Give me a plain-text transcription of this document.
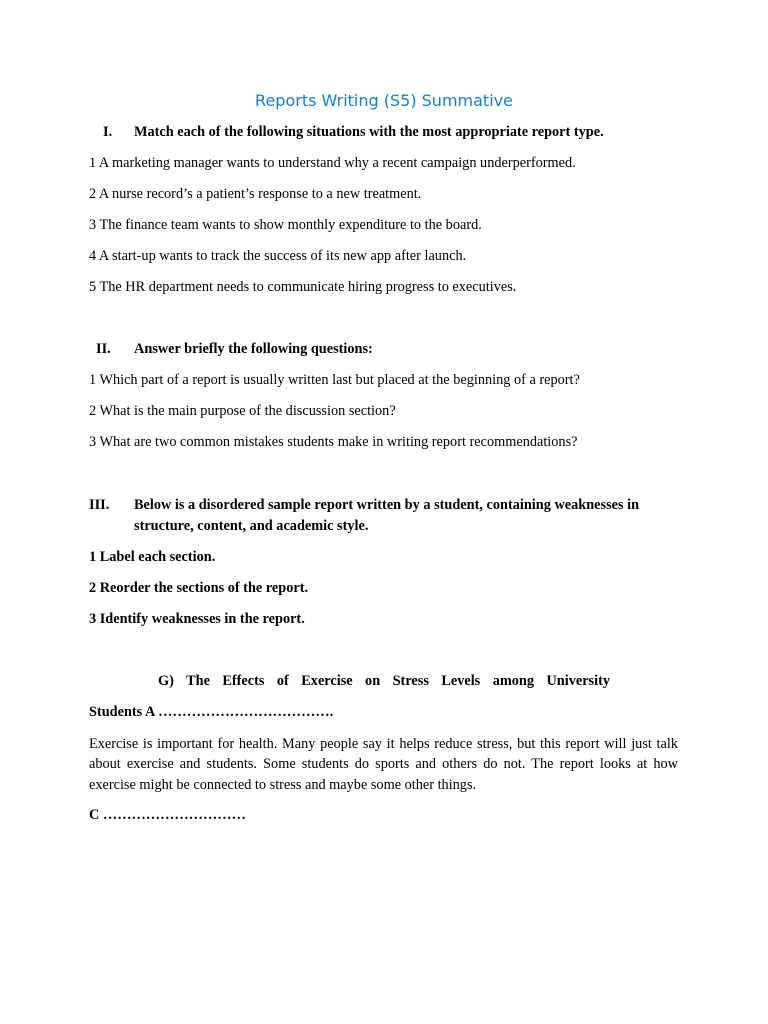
Reports Writing (S5) Summative
I. Match each of the following situations with the most appropriate report type.
1 A marketing manager wants to understand why a recent campaign underperformed.
2 A nurse record’s a patient’s response to a new treatment.
3 The finance team wants to show monthly expenditure to the board.
4 A start-up wants to track the success of its new app after launch.
5 The HR department needs to communicate hiring progress to executives.
II. Answer briefly the following questions:
1 Which part of a report is usually written last but placed at the beginning of a report?
2 What is the main purpose of the discussion section?
3 What are two common mistakes students make in writing report recommendations?
III. Below is a disordered sample report written by a student, containing weaknesses in
structure, content, and academic style.
1 Label each section.
2 Reorder the sections of the report.
3 Identify weaknesses in the report.
G) The Effects of Exercise on Stress Levels among University
Students A ……………………………….
Exercise is important for health. Many people say it helps reduce stress, but this report will just talk about exercise and students. Some students do sports and others do not. The report looks at how exercise might be connected to stress and maybe some other things.
C …………………………
